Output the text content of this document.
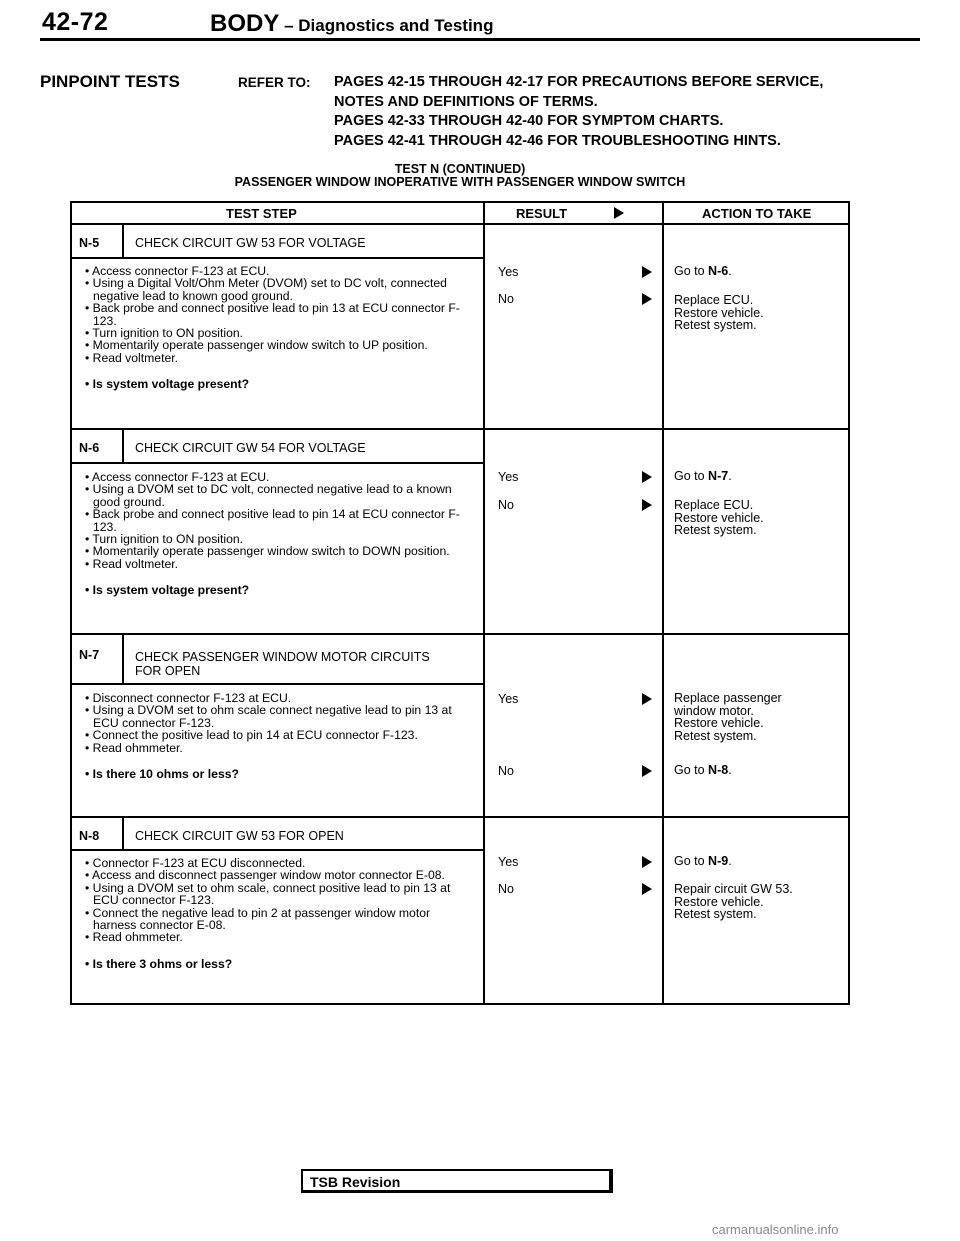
42-72	BODY – Diagnostics and Testing
PINPOINT TESTS	REFER TO: PAGES 42-15 THROUGH 42-17 FOR PRECAUTIONS BEFORE SERVICE,
NOTES AND DEFINITIONS OF TERMS.
PAGES 42-33 THROUGH 42-40 FOR SYMPTOM CHARTS.
PAGES 42-41 THROUGH 42-46 FOR TROUBLESHOOTING HINTS.
TEST N (CONTINUED)
PASSENGER WINDOW INOPERATIVE WITH PASSENGER WINDOW SWITCH
TEST STEP	RESULT	ACTION TO TAKE
N-5	CHECK CIRCUIT GW 53 FOR VOLTAGE
• Access connector F-123 at ECU.
• Using a Digital Volt/Ohm Meter (DVOM) set to DC volt, connected negative lead to known good ground.
• Back probe and connect positive lead to pin 13 at ECU connector F-123.
• Turn ignition to ON position.
• Momentarily operate passenger window switch to UP position.
• Read voltmeter.
• Is system voltage present?
Yes	Go to N-6.
No	Replace ECU.
Restore vehicle.
Retest system.
N-6	CHECK CIRCUIT GW 54 FOR VOLTAGE
• Access connector F-123 at ECU.
• Using a DVOM set to DC volt, connected negative lead to a known good ground.
• Back probe and connect positive lead to pin 14 at ECU connector F-123.
• Turn ignition to ON position.
• Momentarily operate passenger window switch to DOWN position.
• Read voltmeter.
• Is system voltage present?
Yes	Go to N-7.
No	Replace ECU.
Restore vehicle.
Retest system.
N-7	CHECK PASSENGER WINDOW MOTOR CIRCUITS
FOR OPEN
• Disconnect connector F-123 at ECU.
• Using a DVOM set to ohm scale connect negative lead to pin 13 at ECU connector F-123.
• Connect the positive lead to pin 14 at ECU connector F-123.
• Read ohmmeter.
• Is there 10 ohms or less?
Yes	Replace passenger
window motor.
Restore vehicle.
Retest system.
No	Go to N-8.
N-8	CHECK CIRCUIT GW 53 FOR OPEN
• Connector F-123 at ECU disconnected.
• Access and disconnect passenger window motor connector E-08.
• Using a DVOM set to ohm scale, connect positive lead to pin 13 at ECU connector F-123.
• Connect the negative lead to pin 2 at passenger window motor harness connector E-08.
• Read ohmmeter.
• Is there 3 ohms or less?
Yes	Go to N-9.
No	Repair circuit GW 53.
Restore vehicle.
Retest system.
TSB Revision
carmanualsonline.info
